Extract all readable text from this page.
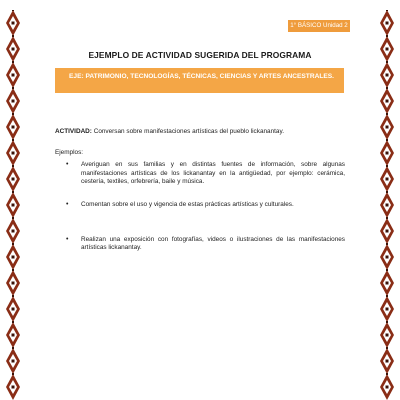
1° BÁSICO Unidad 2
EJEMPLO DE ACTIVIDAD SUGERIDA DEL PROGRAMA
EJE: PATRIMONIO, TECNOLOGÍAS, TÉCNICAS, CIENCIAS Y ARTES ANCESTRALES.

ACTIVIDAD: Conversan sobre manifestaciones artísticas del pueblo lickanantay.

Ejemplos:

• Averiguan en sus familias y en distintas fuentes de información, sobre algunas manifestaciones artísticas de los lickanantay en la antigüedad, por ejemplo: cerámica, cestería, textiles, orfebrería, baile y música.
• Comentan sobre el uso y vigencia de estas prácticas artísticas y culturales.
• Realizan una exposición con fotografías, videos o ilustraciones de las manifestaciones artísticas lickanantay.
